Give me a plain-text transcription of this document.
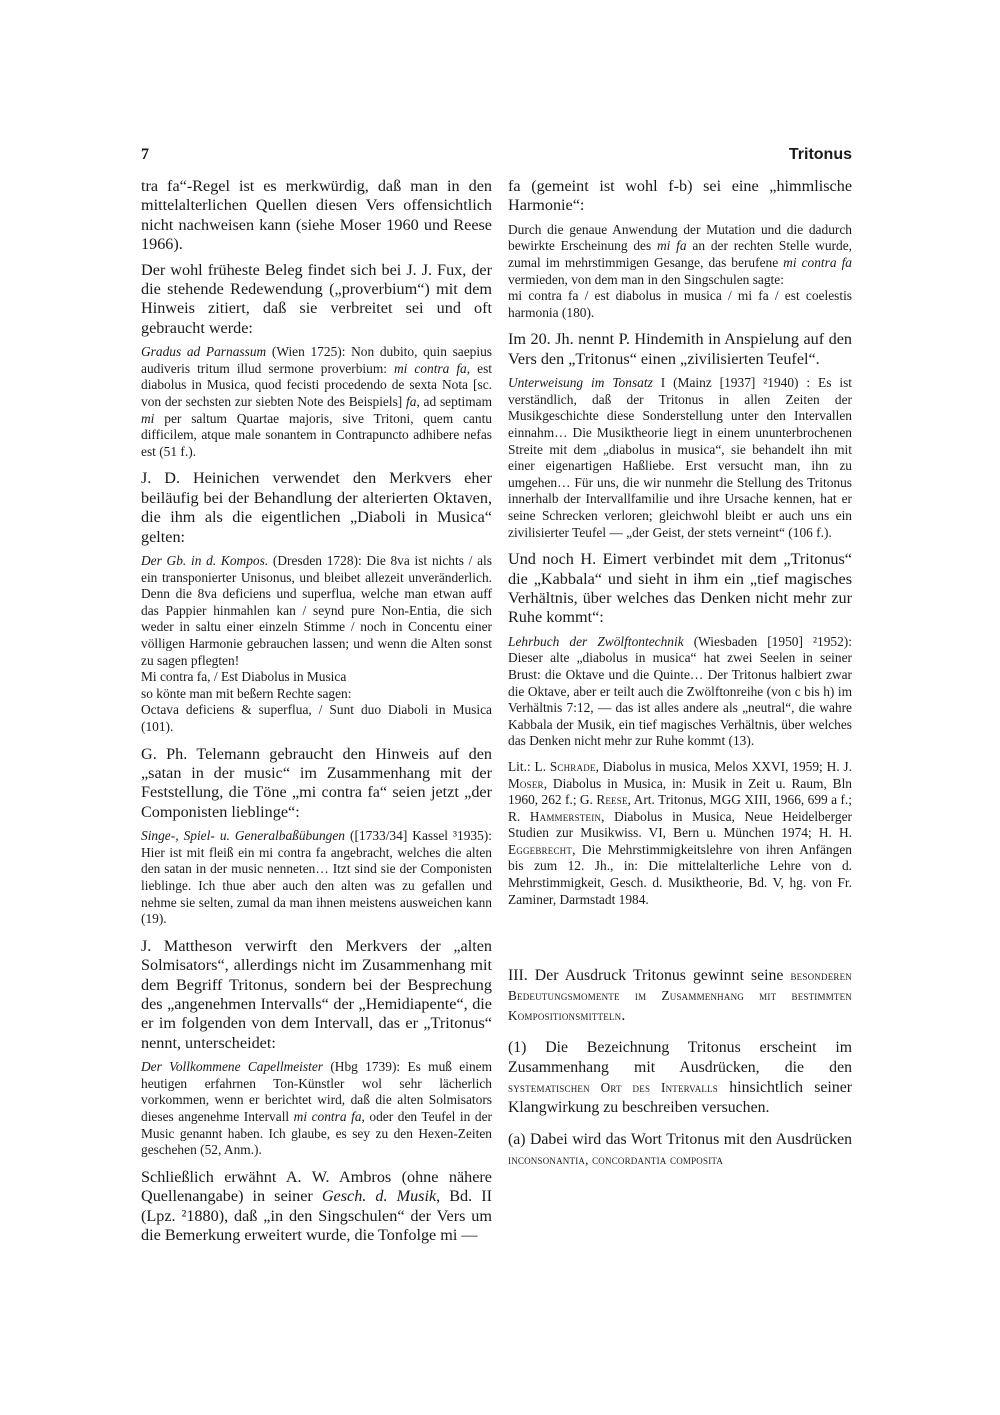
7	Tritonus

tra fa“-Regel ist es merkwürdig, daß man in den mittelalterlichen Quellen diesen Vers offensichtlich nicht nachweisen kann (siehe Moser 1960 und Reese 1966).

Der wohl früheste Beleg findet sich bei J. J. Fux, der die stehende Redewendung („proverbium“) mit dem Hinweis zitiert, daß sie verbreitet sei und oft gebraucht werde:

Gradus ad Parnassum (Wien 1725): Non dubito, quin saepius audiveris tritum illud sermone proverbium: mi contra fa, est diabolus in Musica, quod fecisti procedendo de sexta Nota [sc. von der sechsten zur siebten Note des Beispiels] fa, ad septimam mi per saltum Quartae majoris, sive Tritoni, quem cantu difficilem, atque male sonantem in Contrapuncto adhibere nefas est (51 f.).

J. D. Heinichen verwendet den Merkvers eher beiläufig bei der Behandlung der alterierten Oktaven, die ihm als die eigentlichen „Diaboli in Musica“ gelten:

Der Gb. in d. Kompos. (Dresden 1728): Die 8va ist nichts / als ein transponierter Unisonus, und bleibet allezeit unveränderlich. Denn die 8va deficiens und superflua, welche man etwan auff das Pappier hinmahlen kan / seynd pure Non-Entia, die sich weder in saltu einer einzeln Stimme / noch in Concentu einer völligen Harmonie gebrauchen lassen; und wenn die Alten sonst zu sagen pflegten!
Mi contra fa, / Est Diabolus in Musica
so könte man mit beßern Rechte sagen:
Octava deficiens & superflua, / Sunt duo Diaboli in Musica (101).

G. Ph. Telemann gebraucht den Hinweis auf den „satan in der music“ im Zusammenhang mit der Feststellung, die Töne „mi contra fa“ seien jetzt „der Componisten lieblinge“:

Singe-, Spiel- u. Generalbaßübungen ([1733/34] Kassel ³1935): Hier ist mit fleiß ein mi contra fa angebracht, welches die alten den satan in der music nenneten… Itzt sind sie der Componisten lieblinge. Ich thue aber auch den alten was zu gefallen und nehme sie selten, zumal da man ihnen meistens ausweichen kann (19).

J. Mattheson verwirft den Merkvers der „alten Solmisators“, allerdings nicht im Zusammenhang mit dem Begriff Tritonus, sondern bei der Besprechung des „angenehmen Intervalls“ der „Hemidiapente“, die er im folgenden von dem Intervall, das er „Tritonus“ nennt, unterscheidet:

Der Vollkommene Capellmeister (Hbg 1739): Es muß einem heutigen erfahrnen Ton-Künstler wol sehr lächerlich vorkommen, wenn er berichtet wird, daß die alten Solmisators dieses angenehme Intervall mi contra fa, oder den Teufel in der Music genannt haben. Ich glaube, es sey zu den Hexen-Zeiten geschehen (52, Anm.).

Schließlich erwähnt A. W. Ambros (ohne nähere Quellenangabe) in seiner Gesch. d. Musik, Bd. II (Lpz. ²1880), daß „in den Singschulen“ der Vers um die Bemerkung erweitert wurde, die Tonfolge mi —

fa (gemeint ist wohl f-b) sei eine „himmlische Harmonie“:

Durch die genaue Anwendung der Mutation und die dadurch bewirkte Erscheinung des mi fa an der rechten Stelle wurde, zumal im mehrstimmigen Gesange, das berufene mi contra fa vermieden, von dem man in den Singschulen sagte:
mi contra fa / est diabolus in musica / mi fa / est coelestis harmonia (180).

Im 20. Jh. nennt P. Hindemith in Anspielung auf den Vers den „Tritonus“ einen „zivilisierten Teufel“.

Unterweisung im Tonsatz I (Mainz [1937] ²1940) : Es ist verständlich, daß der Tritonus in allen Zeiten der Musikgeschichte diese Sonderstellung unter den Intervallen einnahm… Die Musiktheorie liegt in einem ununterbrochenen Streite mit dem „diabolus in musica“, sie behandelt ihn mit einer eigenartigen Haßliebe. Erst versucht man, ihn zu umgehen… Für uns, die wir nunmehr die Stellung des Tritonus innerhalb der Intervallfamilie und ihre Ursache kennen, hat er seine Schrecken verloren; gleichwohl bleibt er auch uns ein zivilisierter Teufel — „der Geist, der stets verneint“ (106 f.).

Und noch H. Eimert verbindet mit dem „Tritonus“ die „Kabbala“ und sieht in ihm ein „tief magisches Verhältnis, über welches das Denken nicht mehr zur Ruhe kommt“:

Lehrbuch der Zwölftontechnik (Wiesbaden [1950] ²1952): Dieser alte „diabolus in musica“ hat zwei Seelen in seiner Brust: die Oktave und die Quinte… Der Tritonus halbiert zwar die Oktave, aber er teilt auch die Zwölftonreihe (von c bis h) im Verhältnis 7:12, — das ist alles andere als „neutral“, die wahre Kabbala der Musik, ein tief magisches Verhältnis, über welches das Denken nicht mehr zur Ruhe kommt (13).

Lit.: L. Schrade, Diabolus in musica, Melos XXVI, 1959; H. J. Moser, Diabolus in Musica, in: Musik in Zeit u. Raum, Bln 1960, 262 f.; G. Reese, Art. Tritonus, MGG XIII, 1966, 699 a f.; R. Hammerstein, Diabolus in Musica, Neue Heidelberger Studien zur Musikwiss. VI, Bern u. München 1974; H. H. Eggebrecht, Die Mehrstimmigkeitslehre von ihren Anfängen bis zum 12. Jh., in: Die mittelalterliche Lehre von d. Mehrstimmigkeit, Gesch. d. Musiktheorie, Bd. V, hg. von Fr. Zaminer, Darmstadt 1984.

III. Der Ausdruck Tritonus gewinnt seine besonderen Bedeutungsmomente im Zusammenhang mit bestimmten Kompositionsmitteln.

(1) Die Bezeichnung Tritonus erscheint im Zusammenhang mit Ausdrücken, die den systematischen Ort des Intervalls hinsichtlich seiner Klangwirkung zu beschreiben versuchen.

(a) Dabei wird das Wort Tritonus mit den Ausdrücken inconsonantia, concordantia composita
